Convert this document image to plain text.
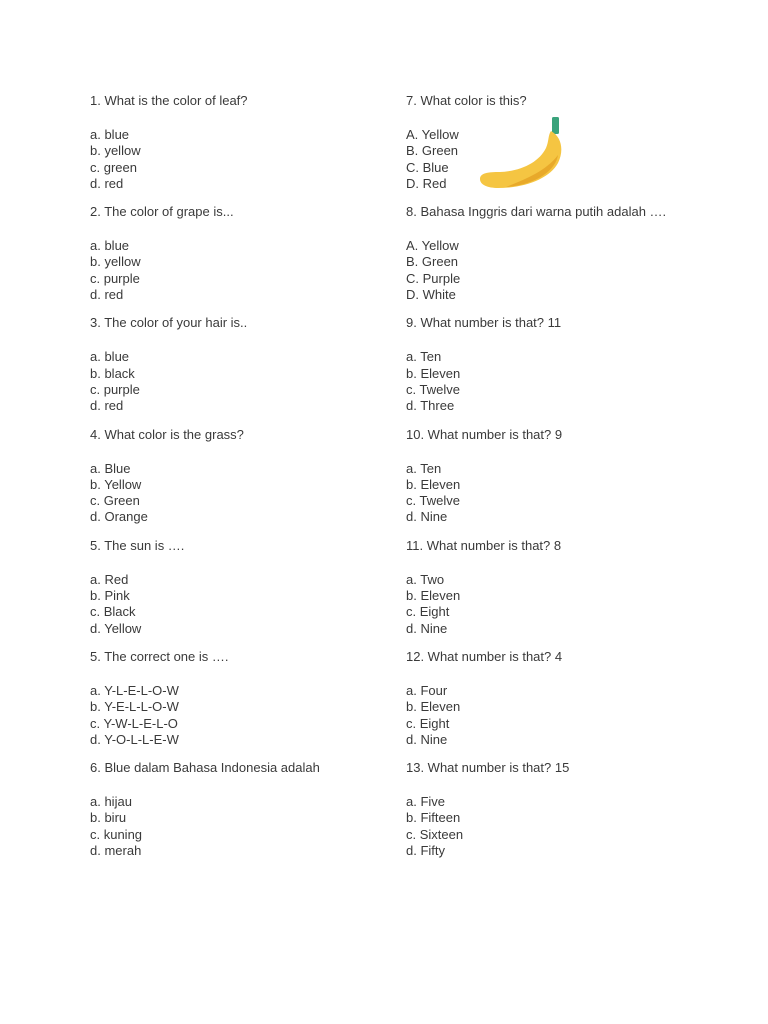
1. What is the color of leaf?
a. blue
b. yellow
c. green
d. red
2. The color of grape is...
a. blue
b. yellow
c. purple
d. red
3. The color of your hair is..
a. blue
b. black
c. purple
d. red
4. What color is the grass?
a. Blue
b. Yellow
c. Green
d. Orange
5. The sun is ….
a. Red
b. Pink
c. Black
d. Yellow
5. The correct one is ….
a. Y-L-E-L-O-W
b. Y-E-L-L-O-W
c. Y-W-L-E-L-O
d. Y-O-L-L-E-W
6. Blue dalam Bahasa Indonesia adalah
a. hijau
b. biru
c. kuning
d. merah
7. What color is this?
A. Yellow
B. Green
C. Blue
D. Red
8. Bahasa Inggris dari warna putih adalah ….
A. Yellow
B. Green
C. Purple
D. White
9. What number is that? 11
a. Ten
b. Eleven
c. Twelve
d. Three
10. What number is that? 9
a. Ten
b. Eleven
c. Twelve
d. Nine
11. What number is that? 8
a. Two
b. Eleven
c. Eight
d. Nine
12. What number is that? 4
a. Four
b. Eleven
c. Eight
d. Nine
13. What number is that? 15
a. Five
b. Fifteen
c. Sixteen
d. Fifty
